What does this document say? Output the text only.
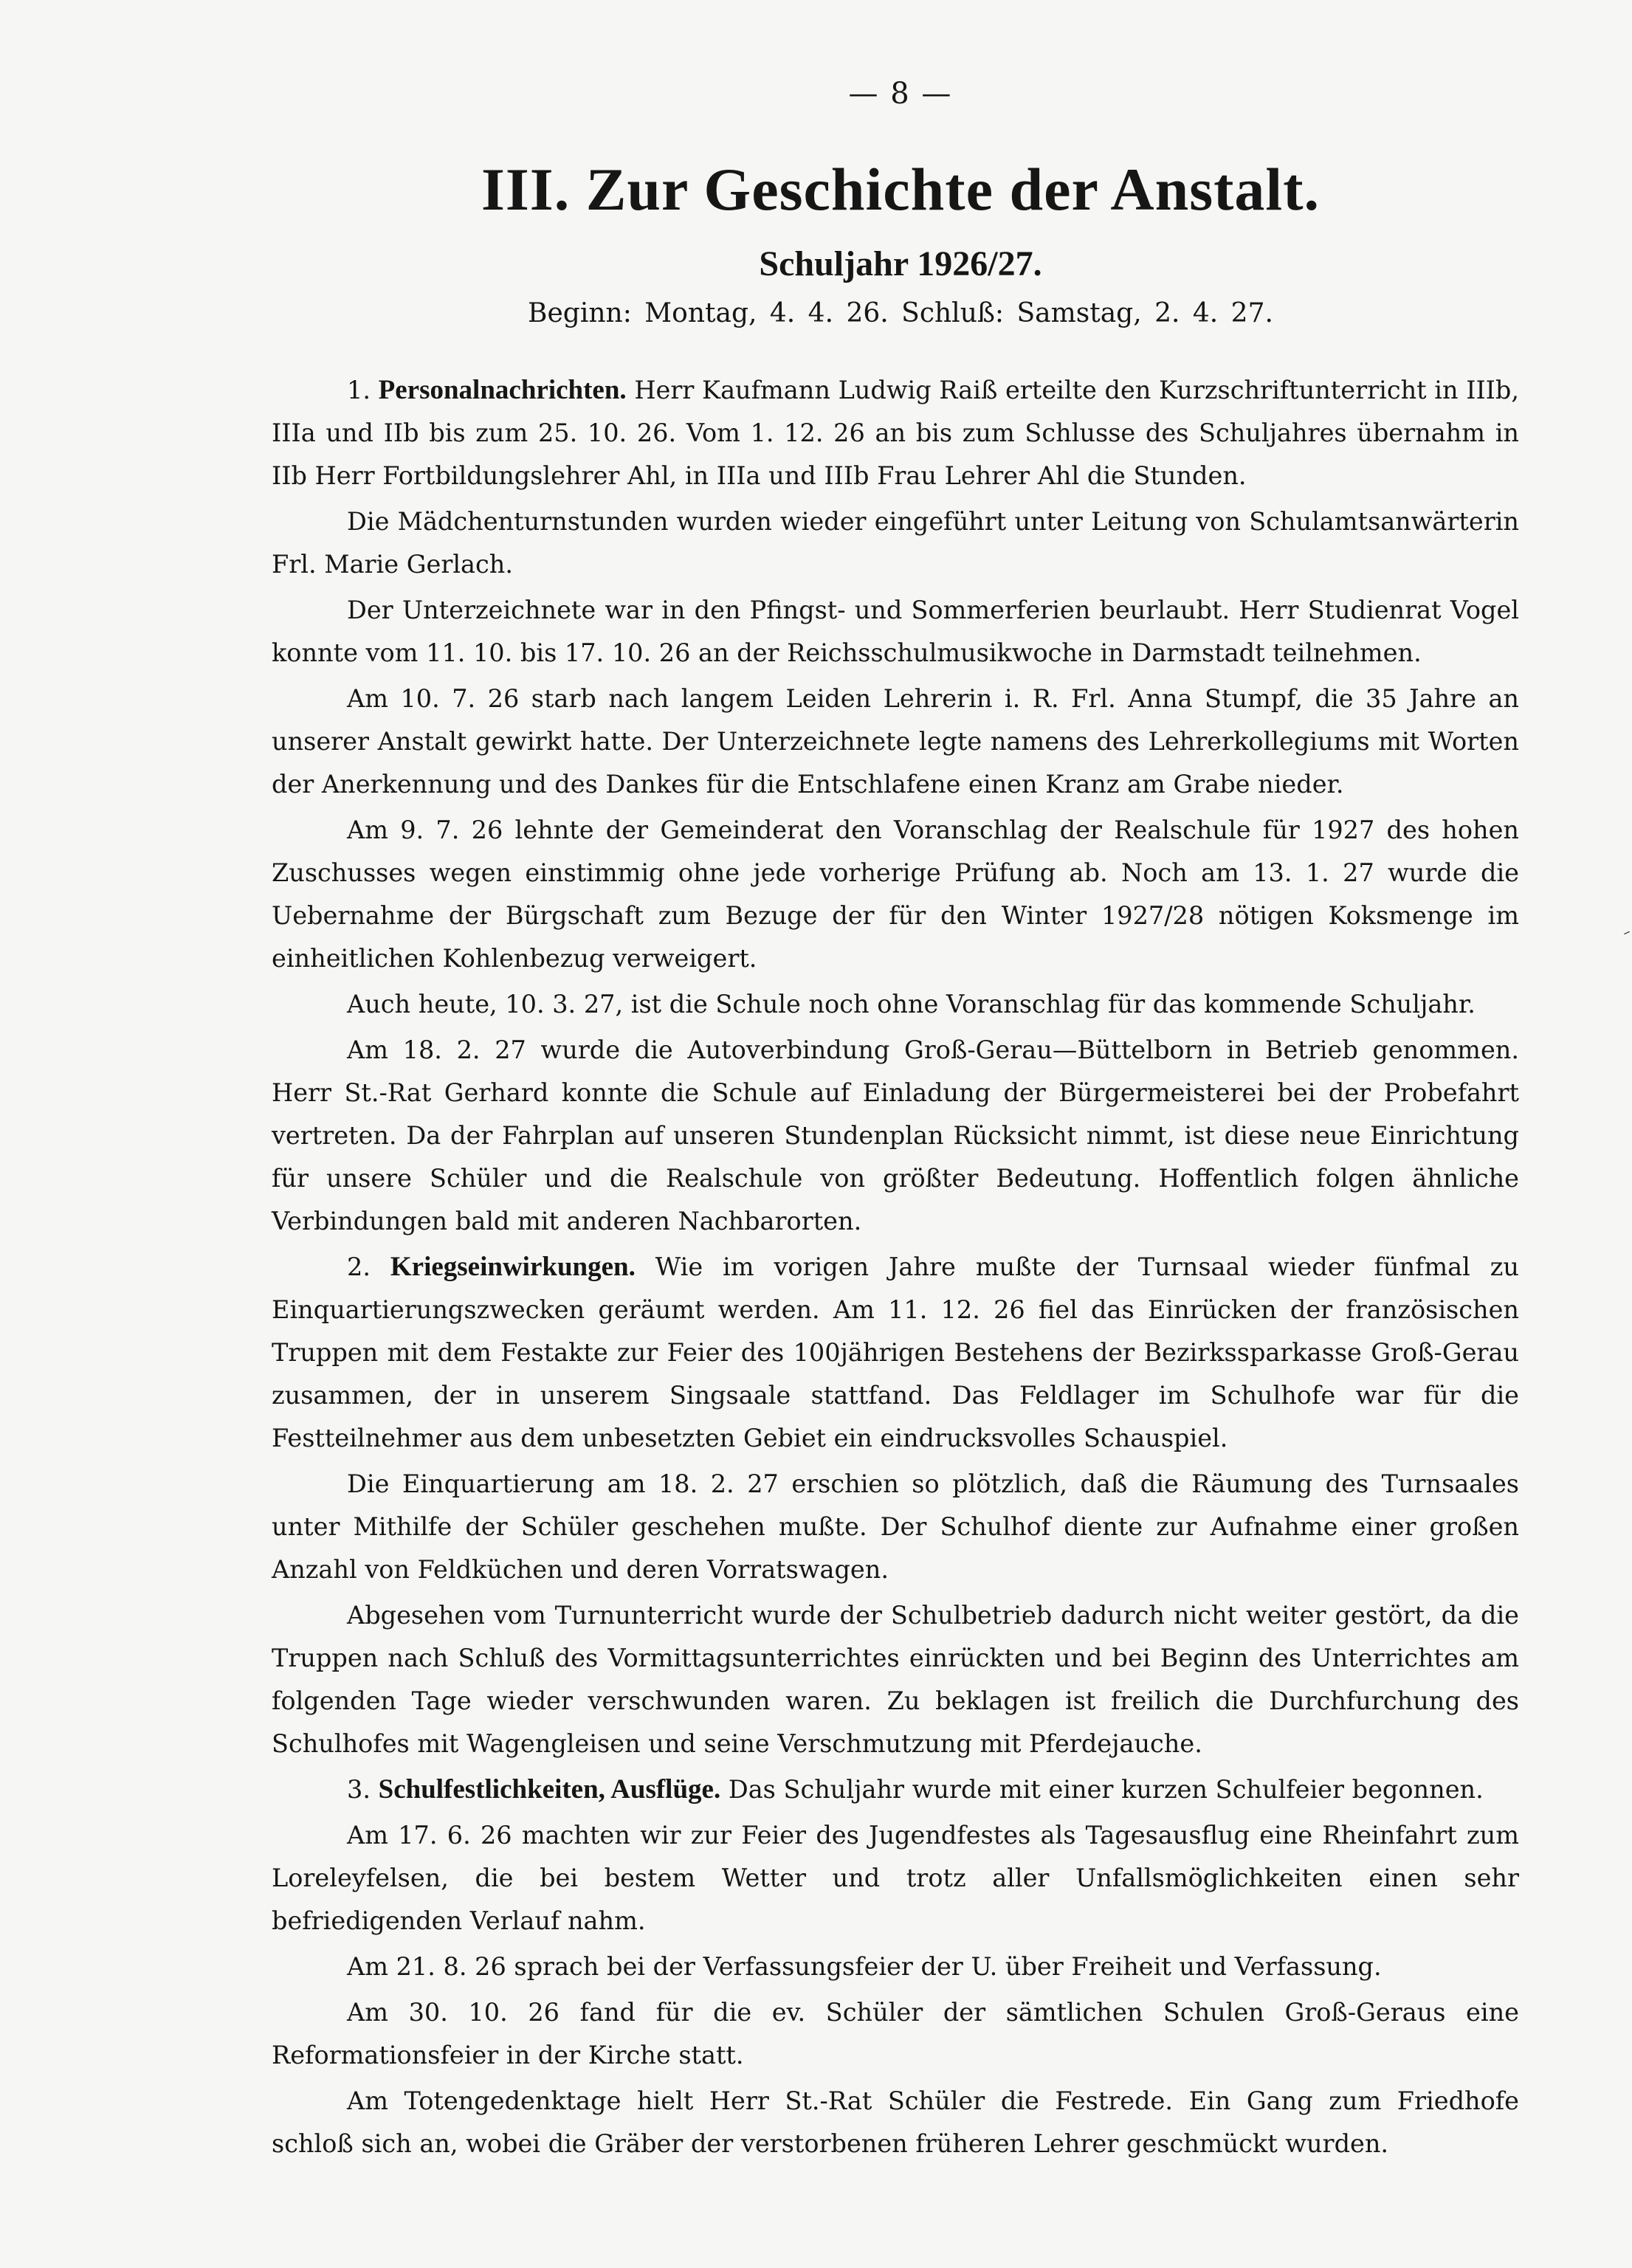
— 8 —
III. Zur Geschichte der Anstalt.
Schuljahr 1926/27.
Beginn: Montag, 4. 4. 26. Schluß: Samstag, 2. 4. 27.

1. Personalnachrichten. Herr Kaufmann Ludwig Raiß erteilte den Kurzschriftunterricht in IIIb, IIIa und IIb bis zum 25. 10. 26. Vom 1. 12. 26 an bis zum Schlusse des Schuljahres übernahm in IIb Herr Fortbildungslehrer Ahl, in IIIa und IIIb Frau Lehrer Ahl die Stunden.

Die Mädchenturnstunden wurden wieder eingeführt unter Leitung von Schulamtsanwärterin Frl. Marie Gerlach.

Der Unterzeichnete war in den Pfingst- und Sommerferien beurlaubt. Herr Studienrat Vogel konnte vom 11. 10. bis 17. 10. 26 an der Reichsschulmusikwoche in Darmstadt teilnehmen.

Am 10. 7. 26 starb nach langem Leiden Lehrerin i. R. Frl. Anna Stumpf, die 35 Jahre an unserer Anstalt gewirkt hatte. Der Unterzeichnete legte namens des Lehrerkollegiums mit Worten der Anerkennung und des Dankes für die Entschlafene einen Kranz am Grabe nieder.

Am 9. 7. 26 lehnte der Gemeinderat den Voranschlag der Realschule für 1927 des hohen Zuschusses wegen einstimmig ohne jede vorherige Prüfung ab. Noch am 13. 1. 27 wurde die Uebernahme der Bürgschaft zum Bezuge der für den Winter 1927/28 nötigen Koksmenge im einheitlichen Kohlenbezug verweigert.

Auch heute, 10. 3. 27, ist die Schule noch ohne Voranschlag für das kommende Schuljahr.

Am 18. 2. 27 wurde die Autoverbindung Groß-Gerau—Büttelborn in Betrieb genommen. Herr St.-Rat Gerhard konnte die Schule auf Einladung der Bürgermeisterei bei der Probefahrt vertreten. Da der Fahrplan auf unseren Stundenplan Rücksicht nimmt, ist diese neue Einrichtung für unsere Schüler und die Realschule von größter Bedeutung. Hoffentlich folgen ähnliche Verbindungen bald mit anderen Nachbarorten.

2. Kriegseinwirkungen. Wie im vorigen Jahre mußte der Turnsaal wieder fünfmal zu Einquartierungszwecken geräumt werden. Am 11. 12. 26 fiel das Einrücken der französischen Truppen mit dem Festakte zur Feier des 100jährigen Bestehens der Bezirkssparkasse Groß-Gerau zusammen, der in unserem Singsaale stattfand. Das Feldlager im Schulhofe war für die Festteilnehmer aus dem unbesetzten Gebiet ein eindrucksvolles Schauspiel.

Die Einquartierung am 18. 2. 27 erschien so plötzlich, daß die Räumung des Turnsaales unter Mithilfe der Schüler geschehen mußte. Der Schulhof diente zur Aufnahme einer großen Anzahl von Feldküchen und deren Vorratswagen.

Abgesehen vom Turnunterricht wurde der Schulbetrieb dadurch nicht weiter gestört, da die Truppen nach Schluß des Vormittagsunterrichtes einrückten und bei Beginn des Unterrichtes am folgenden Tage wieder verschwunden waren. Zu beklagen ist freilich die Durchfurchung des Schulhofes mit Wagengleisen und seine Verschmutzung mit Pferdejauche.

3. Schulfestlichkeiten, Ausflüge. Das Schuljahr wurde mit einer kurzen Schulfeier begonnen.

Am 17. 6. 26 machten wir zur Feier des Jugendfestes als Tagesausflug eine Rheinfahrt zum Loreleyfelsen, die bei bestem Wetter und trotz aller Unfallsmöglichkeiten einen sehr befriedigenden Verlauf nahm.

Am 21. 8. 26 sprach bei der Verfassungsfeier der U. über Freiheit und Verfassung.

Am 30. 10. 26 fand für die ev. Schüler der sämtlichen Schulen Groß-Geraus eine Reformationsfeier in der Kirche statt.

Am Totengedenktage hielt Herr St.-Rat Schüler die Festrede. Ein Gang zum Friedhofe schloß sich an, wobei die Gräber der verstorbenen früheren Lehrer geschmückt wurden.
